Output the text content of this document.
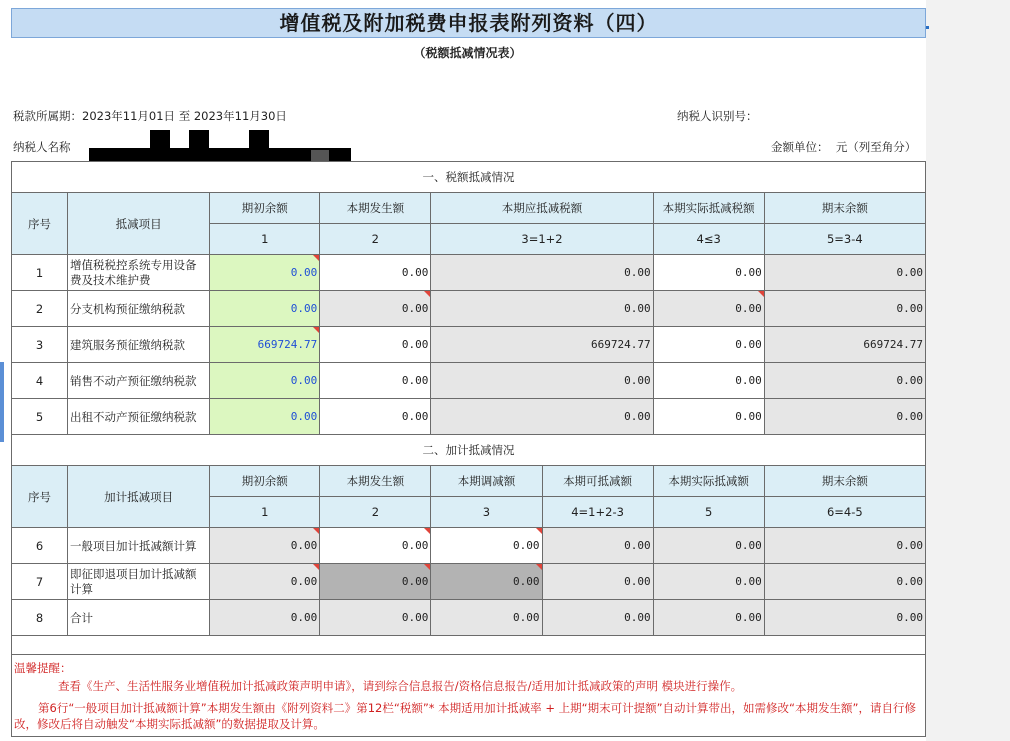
增值税及附加税费申报表附列资料（四）
（税额抵减情况表）
税款所属期：2023年11月01日 至 2023年11月30日	纳税人识别号：
纳税人名称	金额单位： 元（列至角分）
一、税额抵减情况						
序号	抵减项目	期初余额	本期发生额	本期应抵减税额	本期实际抵减税额	期末余额
		1	2	3=1+2	4≤3	5=3-4
1	增值税税控系统专用设备费及技术维护费	0.00	0.00	0.00	0.00	0.00
2	分支机构预征缴纳税款	0.00	0.00	0.00	0.00	0.00
3	建筑服务预征缴纳税款	669724.77	0.00	669724.77	0.00	669724.77
4	销售不动产预征缴纳税款	0.00	0.00	0.00	0.00	0.00
5	出租不动产预征缴纳税款	0.00	0.00	0.00	0.00	0.00
二、加计抵减情况							
序号	加计抵减项目	期初余额	本期发生额	本期调减额	本期可抵减额	本期实际抵减额	期末余额
		1	2	3	4=1+2-3	5	6=4-5
6	一般项目加计抵减额计算	0.00	0.00	0.00	0.00	0.00	0.00
7	即征即退项目加计抵减额计算	0.00	0.00	0.00	0.00	0.00	0.00
8	合计	0.00	0.00	0.00	0.00	0.00	0.00
温馨提醒：
查看《生产、生活性服务业增值税加计抵减政策声明申请》，请到综合信息报告/资格信息报告/适用加计抵减政策的声明 模块进行操作。
第6行“一般项目加计抵减额计算”本期发生额由《附列资料二》第12栏“税额”* 本期适用加计抵减率 + 上期“期末可计提额”自动计算带出，如需修改“本期发生额”，请自行修改，修改后将自动触发“本期实际抵减额”的数据提取及计算。
